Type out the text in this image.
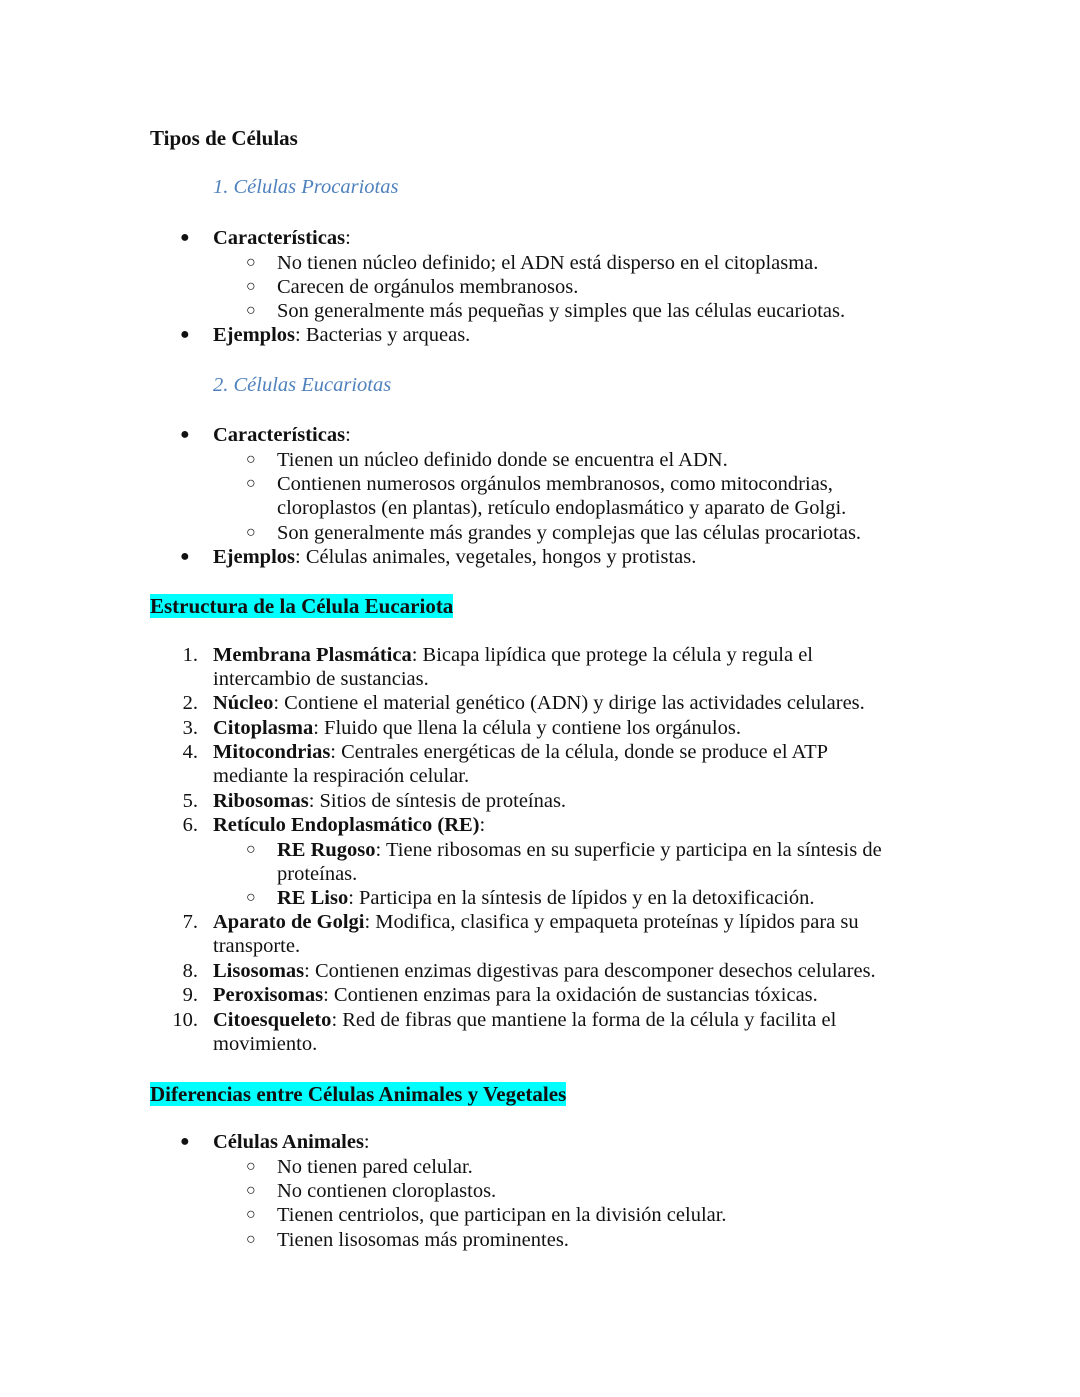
Tipos de Células
1. Células Procariotas
● Características:
○ No tienen núcleo definido; el ADN está disperso en el citoplasma.
○ Carecen de orgánulos membranosos.
○ Son generalmente más pequeñas y simples que las células eucariotas.
● Ejemplos: Bacterias y arqueas.
2. Células Eucariotas
● Características:
○ Tienen un núcleo definido donde se encuentra el ADN.
○ Contienen numerosos orgánulos membranosos, como mitocondrias,
cloroplastos (en plantas), retículo endoplasmático y aparato de Golgi.
○ Son generalmente más grandes y complejas que las células procariotas.
● Ejemplos: Células animales, vegetales, hongos y protistas.
Estructura de la Célula Eucariota
1. Membrana Plasmática: Bicapa lipídica que protege la célula y regula el
intercambio de sustancias.
2. Núcleo: Contiene el material genético (ADN) y dirige las actividades celulares.
3. Citoplasma: Fluido que llena la célula y contiene los orgánulos.
4. Mitocondrias: Centrales energéticas de la célula, donde se produce el ATP
mediante la respiración celular.
5. Ribosomas: Sitios de síntesis de proteínas.
6. Retículo Endoplasmático (RE):
○ RE Rugoso: Tiene ribosomas en su superficie y participa en la síntesis de
proteínas.
○ RE Liso: Participa en la síntesis de lípidos y en la detoxificación.
7. Aparato de Golgi: Modifica, clasifica y empaqueta proteínas y lípidos para su
transporte.
8. Lisosomas: Contienen enzimas digestivas para descomponer desechos celulares.
9. Peroxisomas: Contienen enzimas para la oxidación de sustancias tóxicas.
10. Citoesqueleto: Red de fibras que mantiene la forma de la célula y facilita el
movimiento.
Diferencias entre Células Animales y Vegetales
● Células Animales:
○ No tienen pared celular.
○ No contienen cloroplastos.
○ Tienen centriolos, que participan en la división celular.
○ Tienen lisosomas más prominentes.
